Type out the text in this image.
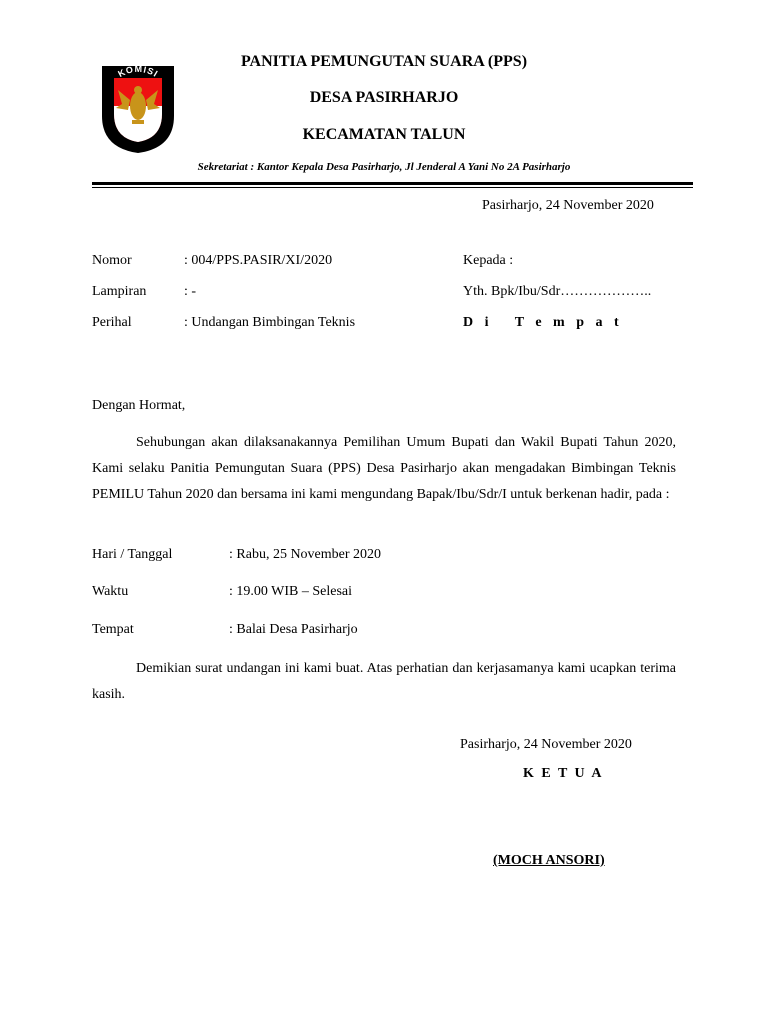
KOMISI
PANITIA PEMUNGUTAN SUARA (PPS)
DESA PASIRHARJO
KECAMATAN TALUN
Sekretariat : Kantor Kepala Desa Pasirharjo, Jl Jenderal A Yani No 2A Pasirharjo
Pasirharjo, 24 November 2020
Nomor	: 004/PPS.PASIR/XI/2020
Lampiran	: -
Perihal	: Undangan Bimbingan Teknis
Kepada :
Yth. Bpk/Ibu/Sdr………………..
D i   T e m p a t
Dengan Hormat,
Sehubungan akan dilaksanakannya Pemilihan Umum Bupati dan Wakil Bupati Tahun 2020, Kami selaku Panitia Pemungutan Suara (PPS) Desa Pasirharjo akan mengadakan Bimbingan Teknis PEMILU Tahun 2020 dan bersama ini kami mengundang Bapak/Ibu/Sdr/I untuk berkenan hadir, pada :
Hari / Tanggal	: Rabu, 25 November 2020
Waktu	: 19.00 WIB – Selesai
Tempat	: Balai Desa Pasirharjo
Demikian surat undangan ini kami buat. Atas perhatian dan kerjasamanya kami ucapkan terima kasih.
Pasirharjo, 24 November 2020
K E T U A
(MOCH ANSORI)
